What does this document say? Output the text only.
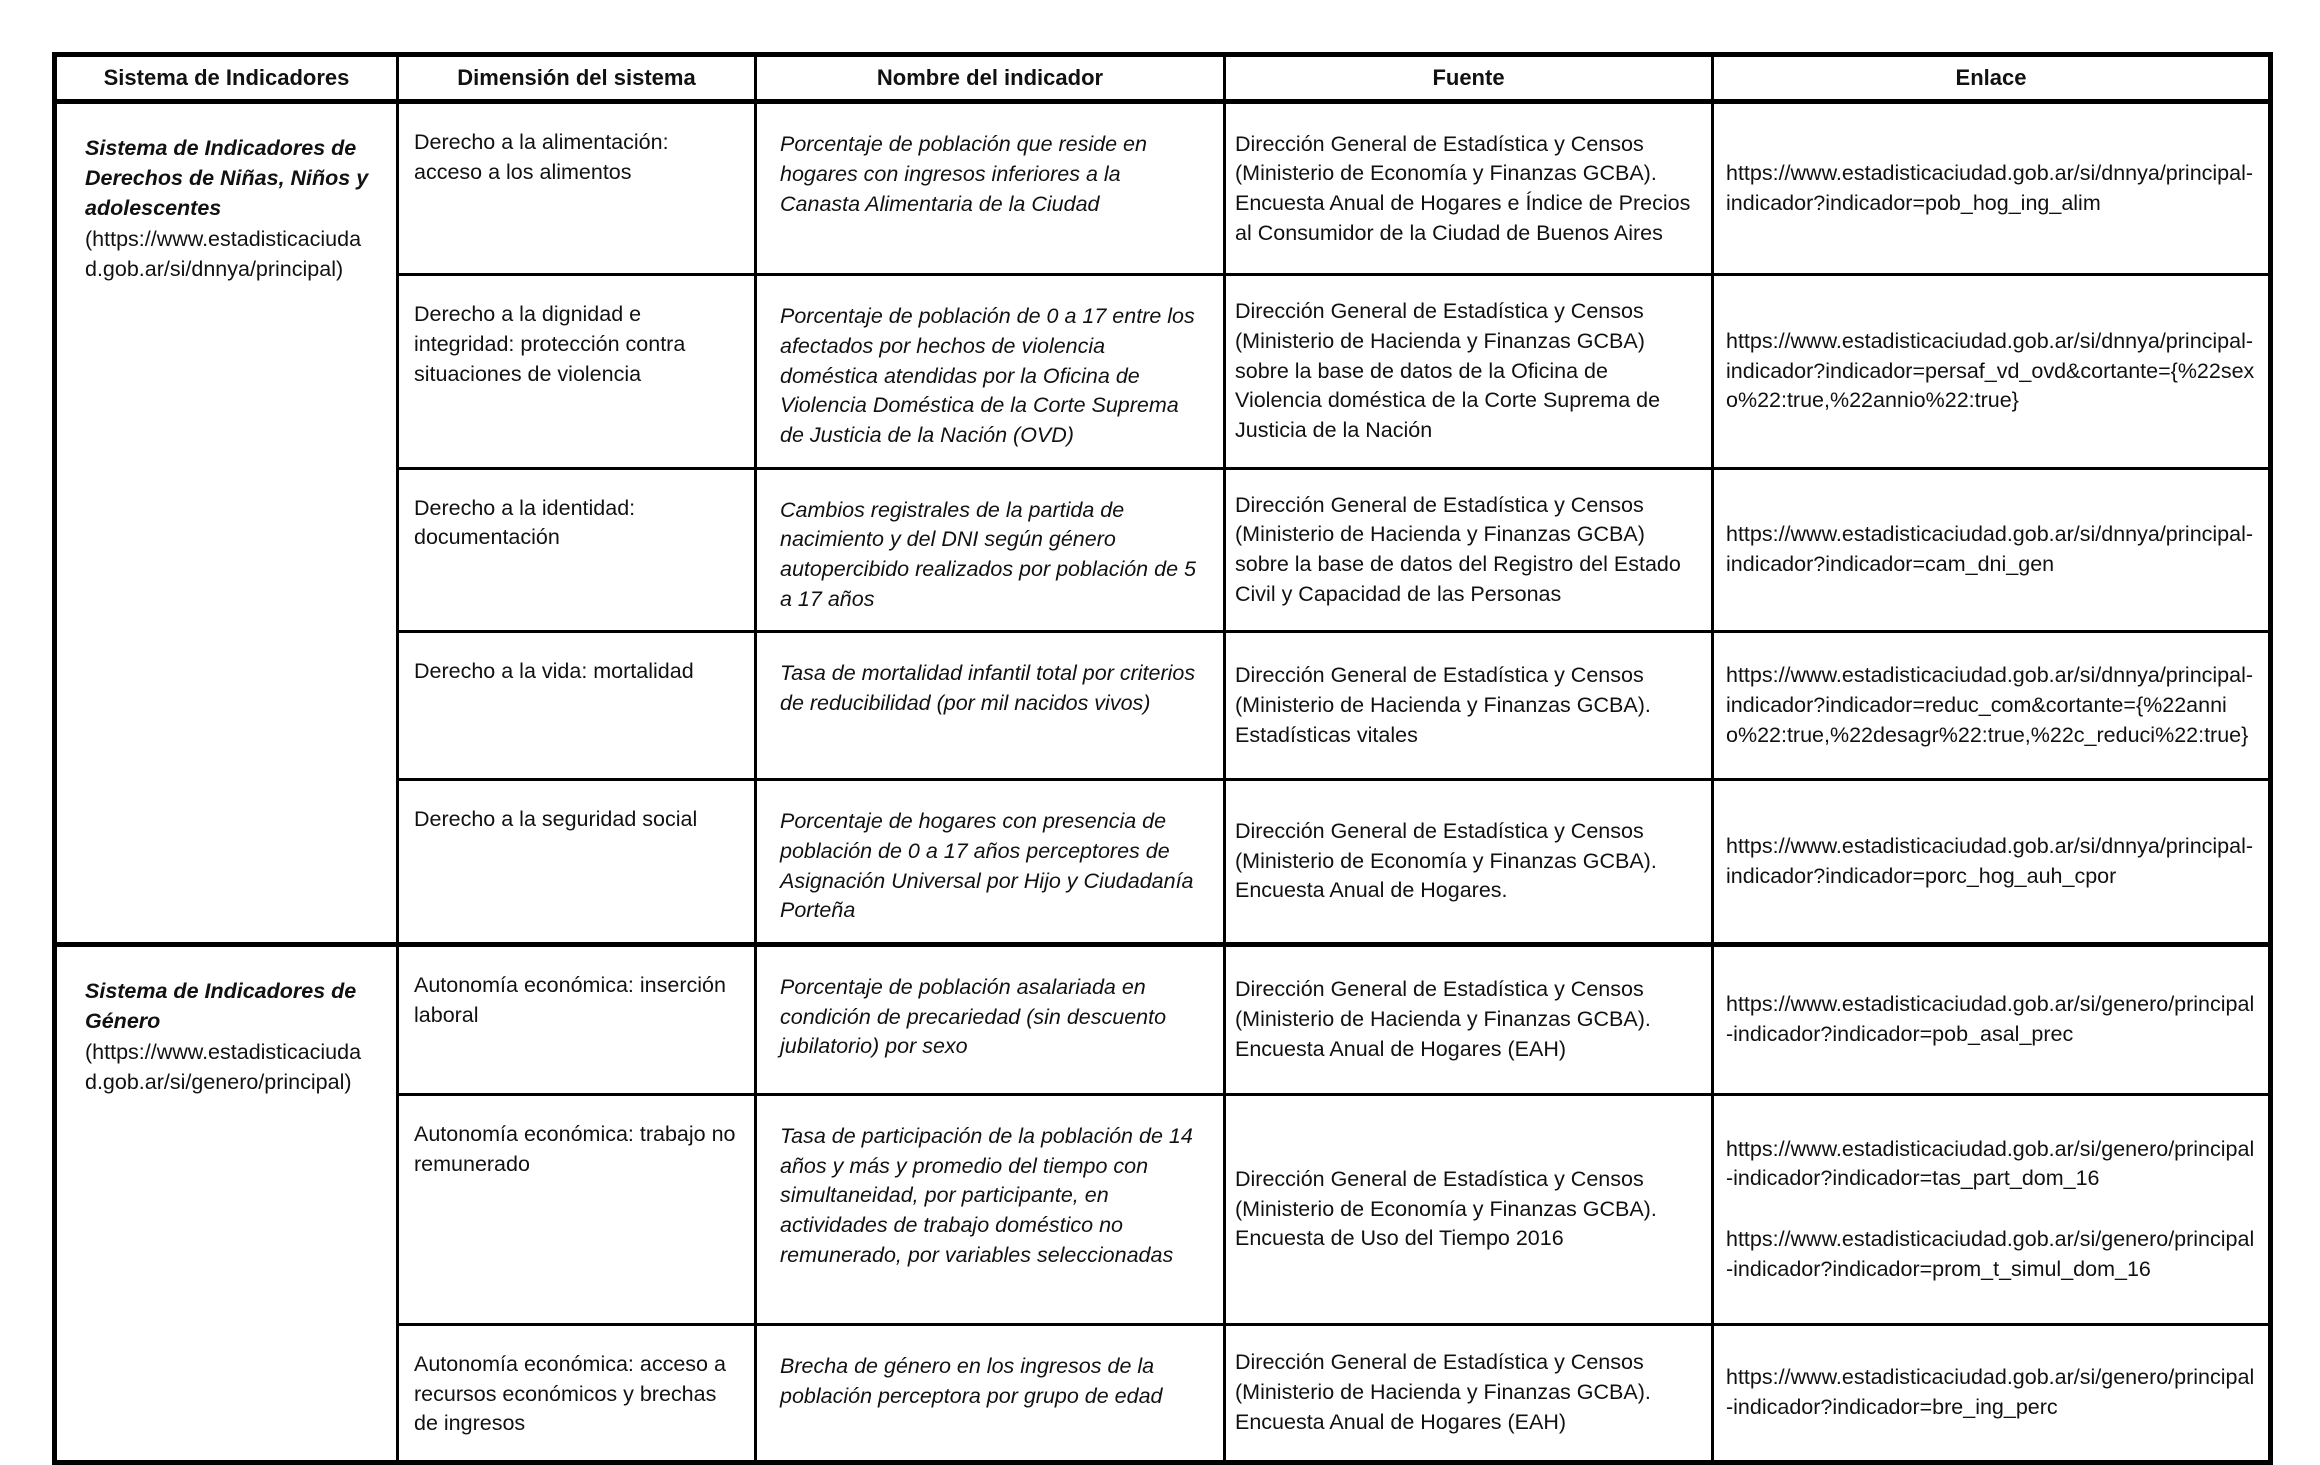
Sistema de Indicadores	Dimensión del sistema	Nombre del indicador	Fuente	Enlace

Sistema de Indicadores de Derechos de Niñas, Niños y adolescentes
(https://www.estadisticaciudad.gob.ar/si/dnnya/principal)	Derecho a la alimentación: acceso a los alimentos	Porcentaje de población que reside en hogares con ingresos inferiores a la Canasta Alimentaria de la Ciudad	Dirección General de Estadística y Censos (Ministerio de Economía y Finanzas GCBA). Encuesta Anual de Hogares e Índice de Precios al Consumidor de la Ciudad de Buenos Aires	https://www.estadisticaciudad.gob.ar/si/dnnya/principal-indicador?indicador=pob_hog_ing_alim

	Derecho a la dignidad e integridad: protección contra situaciones de violencia	Porcentaje de población de 0 a 17 entre los afectados por hechos de violencia doméstica atendidas por la Oficina de Violencia Doméstica de la Corte Suprema de Justicia de la Nación (OVD)	Dirección General de Estadística y Censos (Ministerio de Hacienda y Finanzas GCBA) sobre la base de datos de la Oficina de Violencia doméstica de la Corte Suprema de Justicia de la Nación	https://www.estadisticaciudad.gob.ar/si/dnnya/principal-indicador?indicador=persaf_vd_ovd&cortante={%22sexo%22:true,%22annio%22:true}

	Derecho a la identidad: documentación	Cambios registrales de la partida de nacimiento y del DNI según género autopercibido realizados por población de 5 a 17 años	Dirección General de Estadística y Censos (Ministerio de Hacienda y Finanzas GCBA) sobre la base de datos del Registro del Estado Civil y Capacidad de las Personas	https://www.estadisticaciudad.gob.ar/si/dnnya/principal-indicador?indicador=cam_dni_gen

	Derecho a la vida: mortalidad	Tasa de mortalidad infantil total por criterios de reducibilidad (por mil nacidos vivos)	Dirección General de Estadística y Censos (Ministerio de Hacienda y Finanzas GCBA). Estadísticas vitales	https://www.estadisticaciudad.gob.ar/si/dnnya/principal-indicador?indicador=reduc_com&cortante={%22annio%22:true,%22desagr%22:true,%22c_reduci%22:true}

	Derecho a la seguridad social	Porcentaje de hogares con presencia de población de 0 a 17 años perceptores de Asignación Universal por Hijo y Ciudadanía Porteña	Dirección General de Estadística y Censos (Ministerio de Economía y Finanzas GCBA). Encuesta Anual de Hogares.	https://www.estadisticaciudad.gob.ar/si/dnnya/principal-indicador?indicador=porc_hog_auh_cpor

Sistema de Indicadores de Género
(https://www.estadisticaciudad.gob.ar/si/genero/principal)	Autonomía económica: inserción laboral	Porcentaje de población asalariada en condición de precariedad (sin descuento jubilatorio) por sexo	Dirección General de Estadística y Censos (Ministerio de Hacienda y Finanzas GCBA). Encuesta Anual de Hogares (EAH)	https://www.estadisticaciudad.gob.ar/si/genero/principal-indicador?indicador=pob_asal_prec

	Autonomía económica: trabajo no remunerado	Tasa de participación de la población de 14 años y más y promedio del tiempo con simultaneidad, por participante, en actividades de trabajo doméstico no remunerado, por variables seleccionadas	Dirección General de Estadística y Censos (Ministerio de Economía y Finanzas GCBA). Encuesta de Uso del Tiempo 2016	https://www.estadisticaciudad.gob.ar/si/genero/principal-indicador?indicador=tas_part_dom_16
https://www.estadisticaciudad.gob.ar/si/genero/principal-indicador?indicador=prom_t_simul_dom_16

	Autonomía económica: acceso a recursos económicos y brechas de ingresos	Brecha de género en los ingresos de la población perceptora por grupo de edad	Dirección General de Estadística y Censos (Ministerio de Hacienda y Finanzas GCBA). Encuesta Anual de Hogares (EAH)	https://www.estadisticaciudad.gob.ar/si/genero/principal-indicador?indicador=bre_ing_perc
